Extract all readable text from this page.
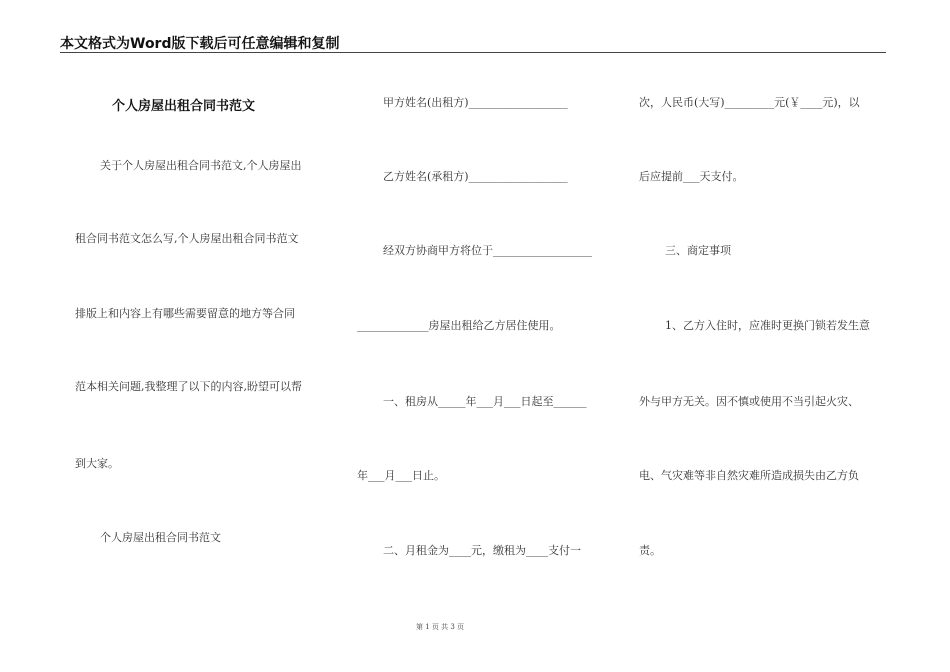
本文格式为Word版下载后可任意编辑和复制
个人房屋出租合同书范文
关于个人房屋出租合同书范文,个人房屋出
租合同书范文怎么写,个人房屋出租合同书范文
排版上和内容上有哪些需要留意的地方等合同
范本相关问题,我整理了以下的内容,盼望可以帮
到大家。
个人房屋出租合同书范文
甲方姓名(出租方)__________________
乙方姓名(承租方)__________________
经双方协商甲方将位于__________________
_____________房屋出租给乙方居住使用。
一、租房从_____年___月___日起至______
年___月___日止。
二、月租金为____元，缴租为____支付一
次，人民币(大写)_________元(￥____元)，以
后应提前___天支付。
三、商定事项
1、乙方入住时，应准时更换门锁若发生意
外与甲方无关。因不慎或使用不当引起火灾、
电、气灾难等非自然灾难所造成损失由乙方负
责。
第 1 页 共 3 页
